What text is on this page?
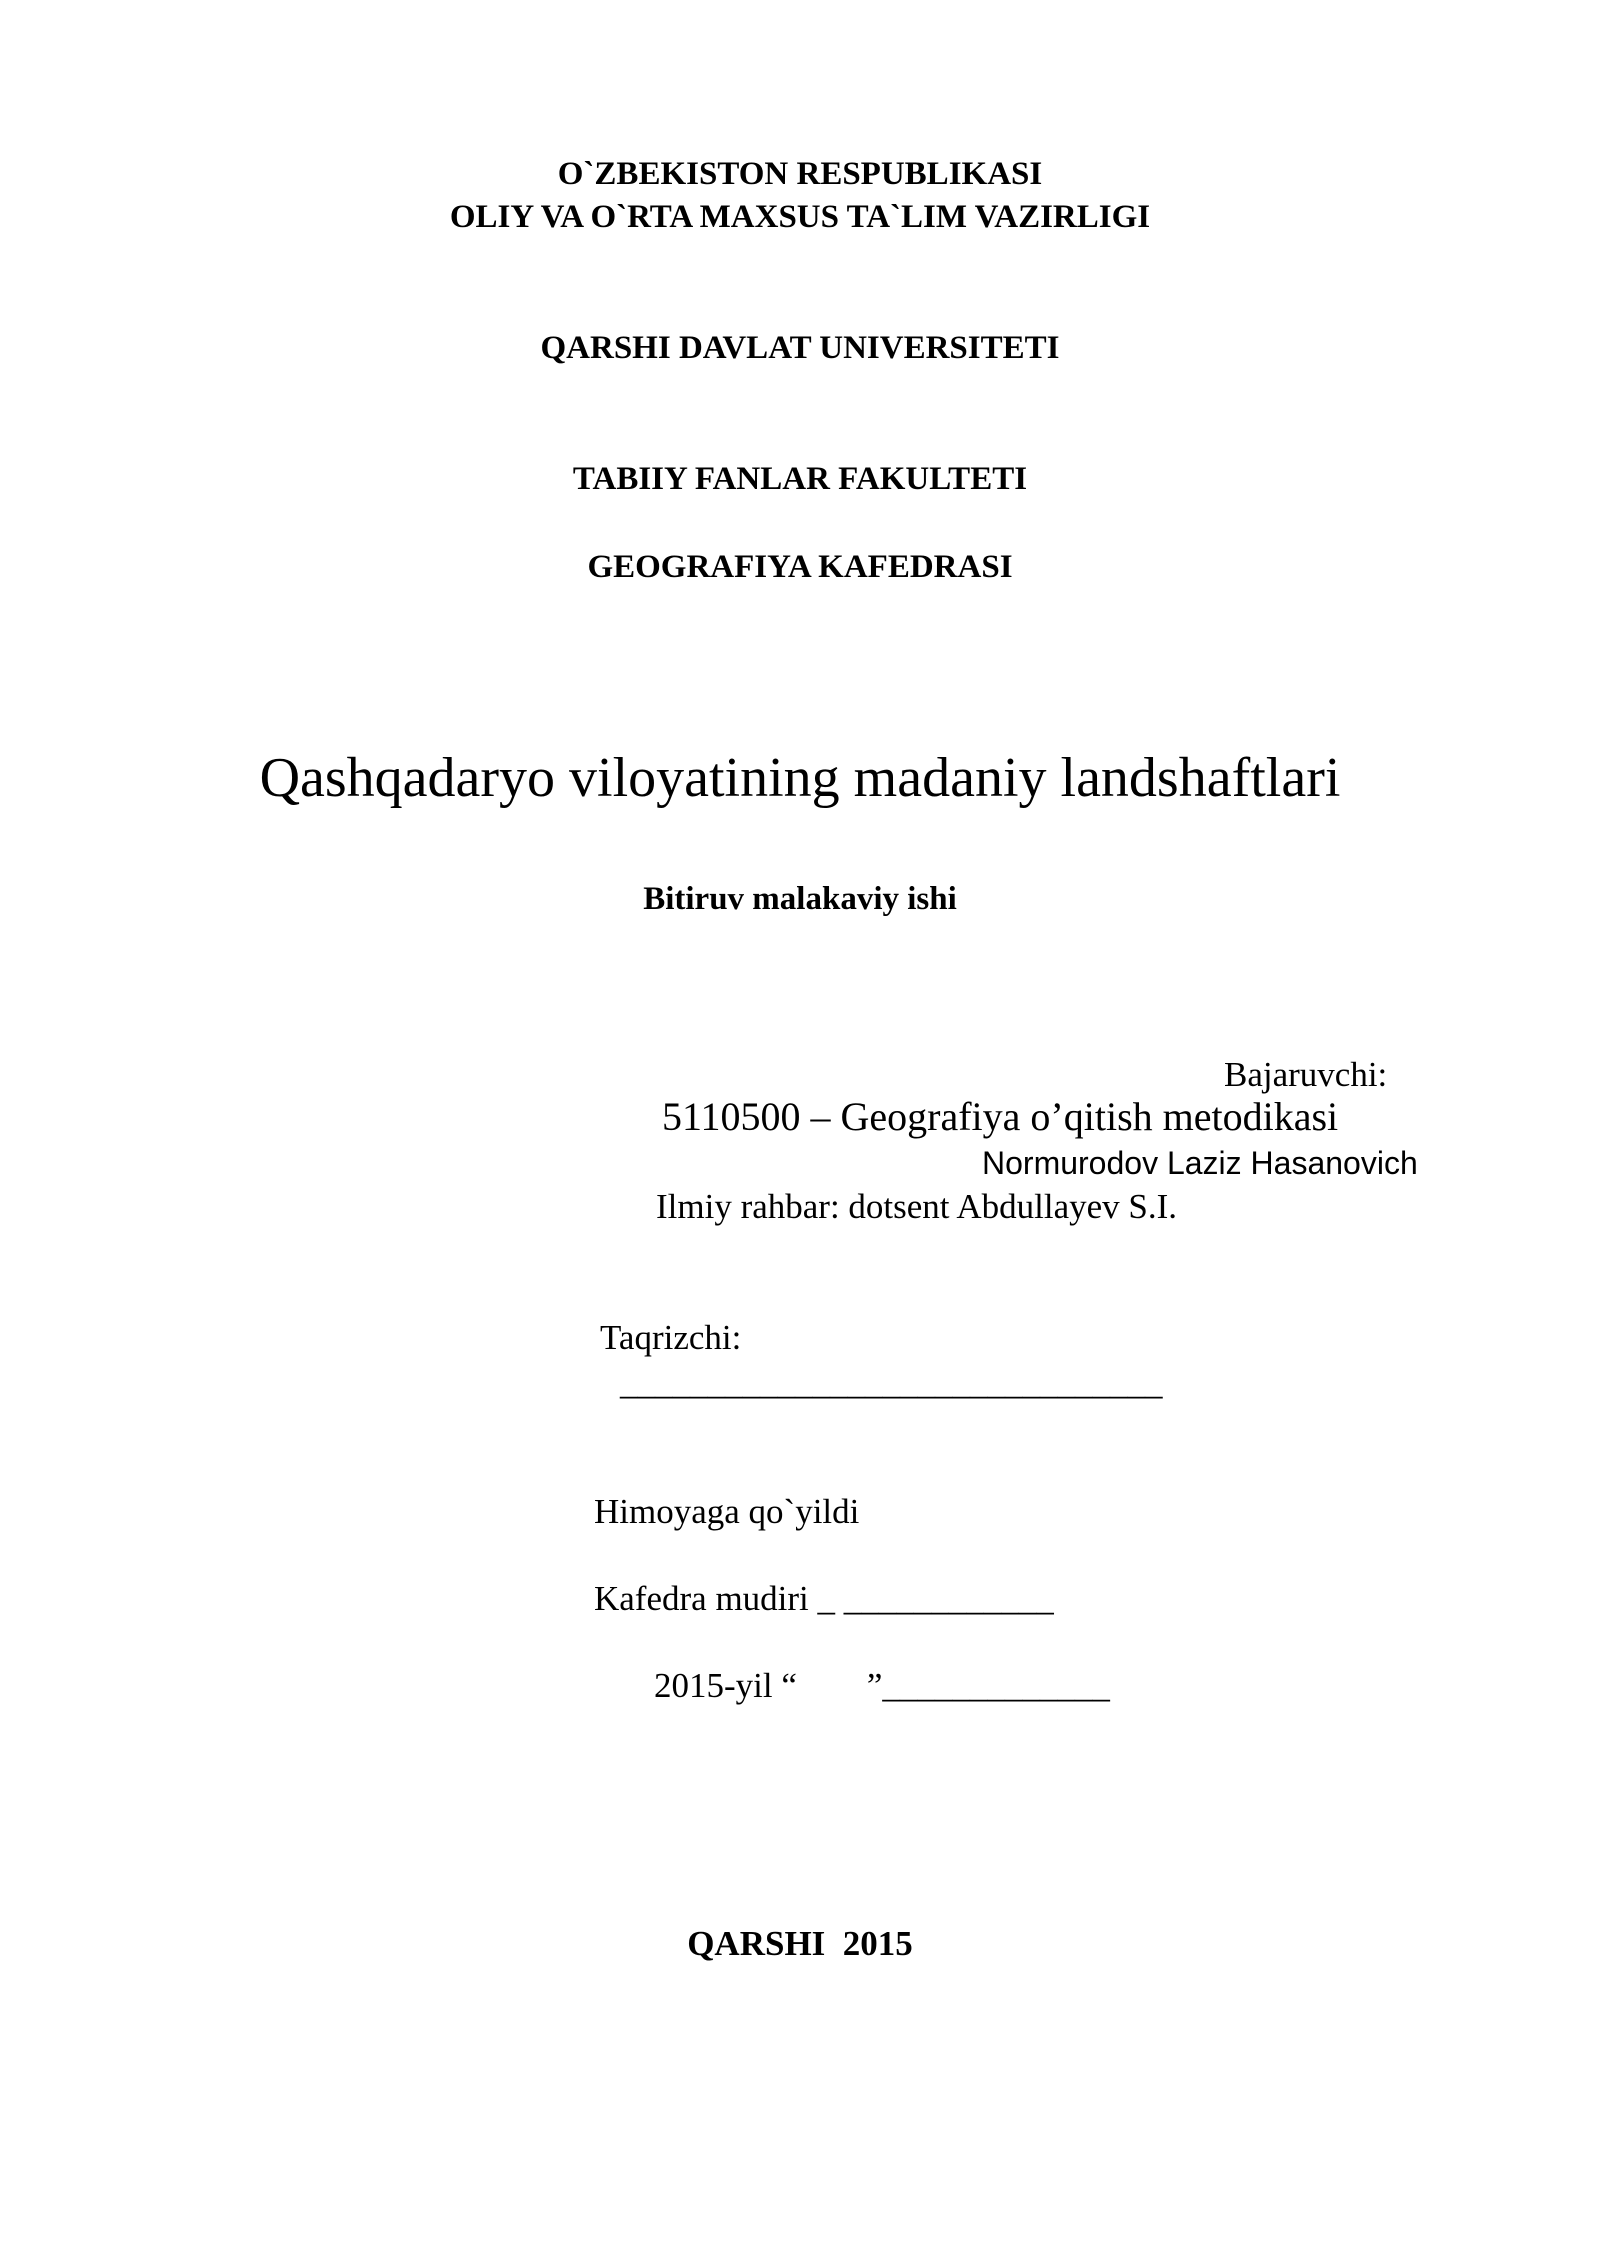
O`ZBEKISTON RESPUBLIKASI
OLIY VA O`RTA MAXSUS TA`LIM VAZIRLIGI
QARSHI DAVLAT UNIVERSITETI
TABIIY FANLAR FAKULTETI
GEOGRAFIYA KAFEDRASI
Qashqadaryo viloyatining madaniy landshaftlari
Bitiruv malakaviy ishi
Bajaruvchi:
5110500 – Geografiya o’qitish metodikasi
Normurodov Laziz Hasanovich
Ilmiy rahbar: dotsent Abdullayev S.I.
Taqrizchi:
_______________________________
Himoyaga qo`yildi
Kafedra mudiri _ ____________
2015-yil “        ”_____________
QARSHI  2015
